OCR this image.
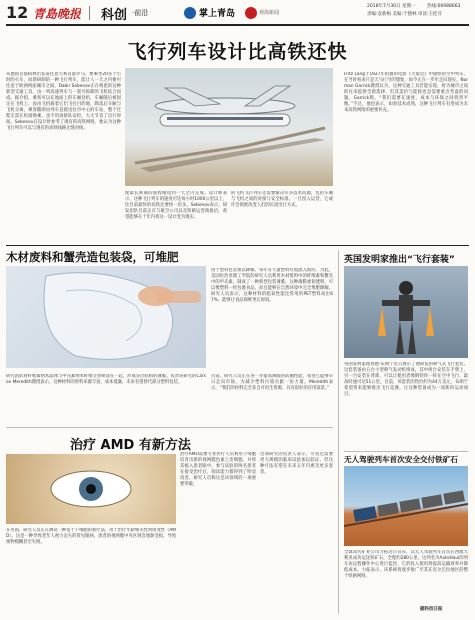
12 青島晚报 科创 ·前沿	掌上青岛	观海新闻
2018年7月30日 星期一	热线:66988663
责编:袁新梅 美编:于德林 审读:王桂芬
飞行列车设计比高铁还快
从德国首都柏林出发前往意大利首都罗马，要乘坐20多个小时的火车，而新研制的一种飞行列车，能让人一天之内便可往返于欧洲两座城市之间。Dabir Sebenov正在构思的这种新型交通工具，由一列高速列车与一架可拆卸的飞机结合而成。据介绍，乘客可以在地面上的车厢登机，车厢随后被固定在飞机上，再由飞机载着它们飞往目的地，降落后车厢与飞机分离，乘客随即由列车直接送往市中心的车站，整个过程无需在机场换乘，也不用再排队安检，大大节省了出行时间。Sebenov在设计时参考了现有的高铁网络，他认为这种飞行列车可以与现有的高铁线路无缝对接。
使最长距离的旅程缩短到一天之内完成。设计师表示，这种飞行列车的速度可达每小时1000公里以上，比目前最快的高铁还要快一倍多。Sebenov表示，研发团队目前正在与航空公司以及铁路运营商接洽，希望能够在十年内将这一设计变为现实。
的飞机飞行列车还需要解决许多技术问题，包括车厢与飞机之间的对接与安全标准。一旦投入运营，它或许会彻底改变人们的长途出行方式。
Fritz Lang于1927年拍摄的电影《大都会》中描绘的空中列车，在当时看来只是天马行空的想象，如今正在一步步走向现实。Norman Garrick教授认为，这种交通工具若能实现，将为城市之间的往来提供全新选择，但其造价与能耗也是需要重点考虑的问题。Garrick称，“我们需要在速度、成本与环保之间找到平衡。”不过，他也表示，如果技术成熟，这种飞行列车有望成为未来高铁网络的重要补充。
木材废料和蟹壳造包装袋，可堆肥
由于塑料包装难以降解，每年有大量塑料垃圾流入海洋。为此，美国佐治亚理工学院的研究人员利用木材废料中的纤维素和蟹壳中的甲壳素，制成了一种新型包装薄膜，这种薄膜柔韧透明，可以像塑料一样包裹食品，而且能够在自然环境中完全堆肥降解。研究人员表示，这种材料的阻氧性能比常用的PET塑料高出67%，能够让食品保鲜更长时间。
研究团队将纤维素纳米晶体与甲壳素纳米纤维交替喷涂在一起，形成多层结构的薄膜。负责该研究的Carson Meredith教授表示，这种材料的原料来源丰富，成本低廉，未来有望替代部分塑料包装。
目前，研究人员正在进一步提高薄膜的防潮性能，希望它能够早日走向市场，为减少塑料污染贡献一份力量。Meredith表示，“我们的材料完全来自可再生资源，具有很好的应用前景。”
治疗 AMD 有新方法
在英国，研究人员正在测试一种基于干细胞的新疗法，用于治疗年龄相关性黄斑变性（AMD）。这是一种导致老年人视力丧失的常见眼病，患者的视网膜中央区域会逐渐受损，导致视物模糊甚至失明。
治疗AMD需要专业医疗人员利用干细胞培育出新的视网膜色素上皮细胞，并将其植入患者眼中。参与试验的两名患者在接受治疗后，阅读能力都得到了明显改善，研究人员称这是该领域的一项重要突破。
这项研究的负责人表示，尽管还需要更大规模的临床试验加以验证，但这种疗法有望在未来五年内惠及更多患者。
英国发明家推出“飞行套装”
英国发明家理查德·布朗宁近日展示了他研发的喷气式飞行套装。这套装备由五台小型喷气发动机组成，其中两台安装在手臂上，另一台安装在背部，可以让使用者像钢铁侠一样在空中飞行，最高时速可达51公里。目前，该套装的售价约为44万美元，布朗宁希望将来能够推出飞行竞赛，让这种装备成为一项新的运动项目。
无人驾驶列车首次安全交付铁矿石
全球知名矿业公司力拓近日宣布，其无人驾驶列车首次在西澳大利亚成功运送铁矿石，全程约280公里。这列名为AutoHaul的列车由远程操作中心进行监控，它的投入使用将提高运输效率并降低成本。力拓表示，该系统将逐步推广至其在皮尔巴拉地区的整个铁路网络。
据科技日报
